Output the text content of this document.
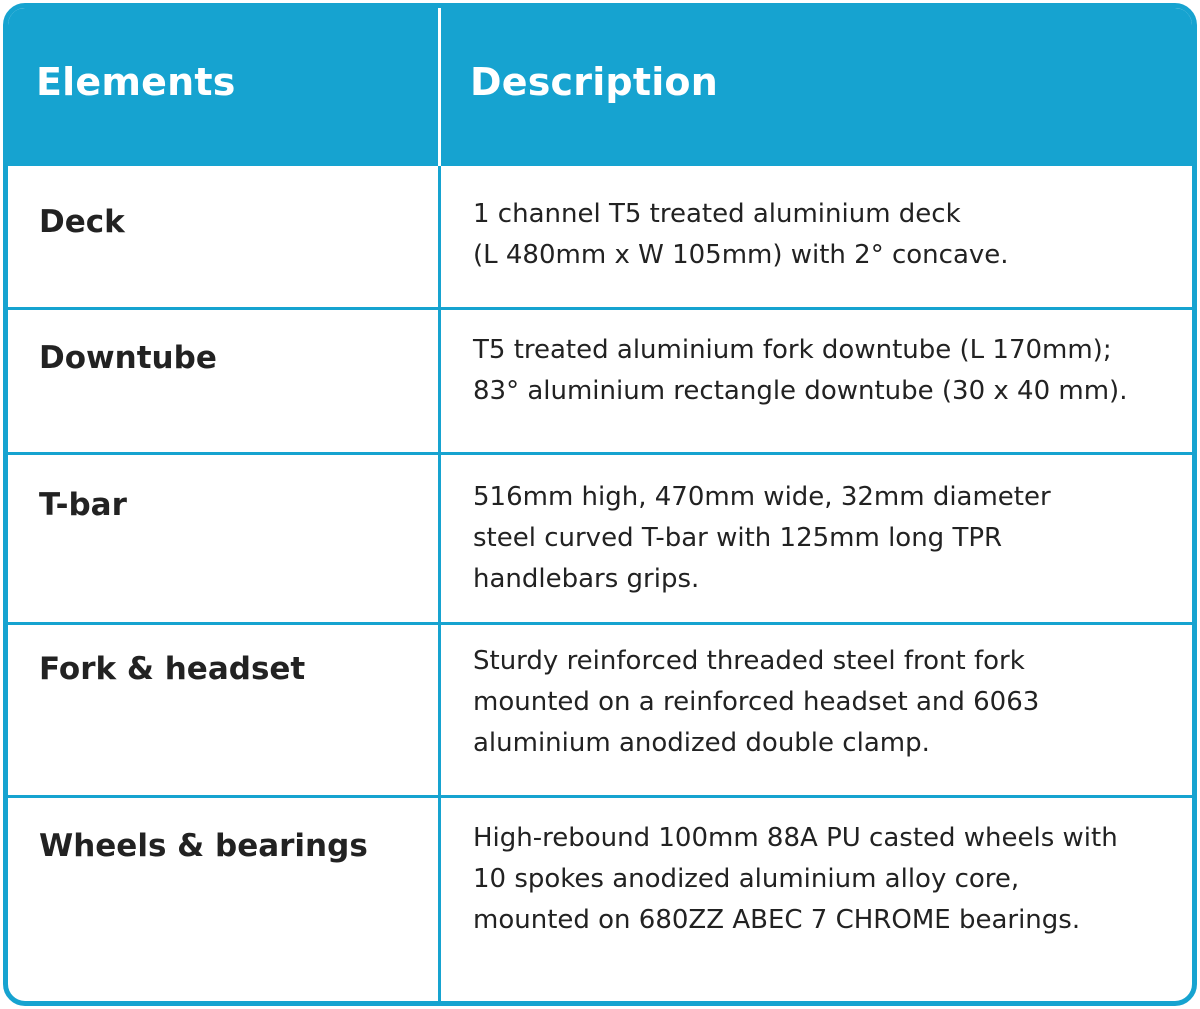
Elements	Description
Deck	1 channel T5 treated aluminium deck
(L 480mm x W 105mm) with 2° concave.
Downtube	T5 treated aluminium fork downtube (L 170mm);
83° aluminium rectangle downtube (30 x 40 mm).
T-bar	516mm high, 470mm wide, 32mm diameter
steel curved T-bar with 125mm long TPR
handlebars grips.
Fork & headset	Sturdy reinforced threaded steel front fork
mounted on a reinforced headset and 6063
aluminium anodized double clamp.
Wheels & bearings	High-rebound 100mm 88A PU casted wheels with
10 spokes anodized aluminium alloy core,
mounted on 680ZZ ABEC 7 CHROME bearings.
